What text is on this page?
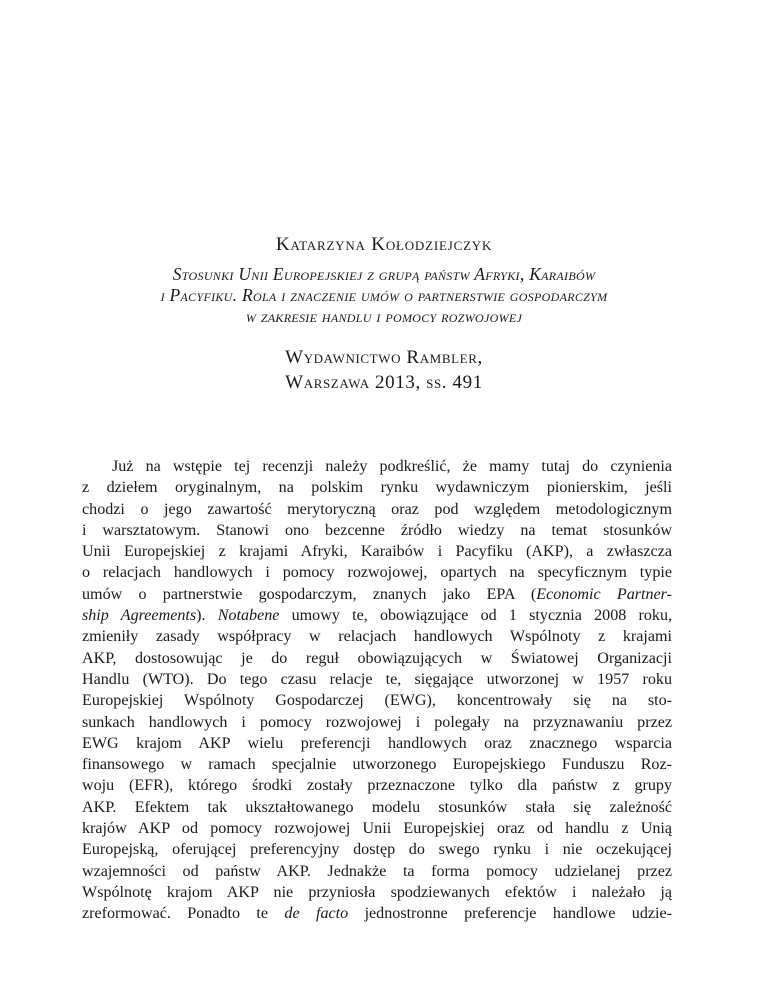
Katarzyna Kołodziejczyk
Stosunki Unii Europejskiej z grupą państw Afryki, Karaibów
i Pacyfiku. Rola i znaczenie umów o partnerstwie gospodarczym
w zakresie handlu i pomocy rozwojowej
Wydawnictwo Rambler,
Warszawa 2013, ss. 491
Już na wstępie tej recenzji należy podkreślić, że mamy tutaj do czynienia
z dziełem oryginalnym, na polskim rynku wydawniczym pionierskim, jeśli
chodzi o jego zawartość merytoryczną oraz pod względem metodologicznym
i warsztatowym. Stanowi ono bezcenne źródło wiedzy na temat stosunków
Unii Europejskiej z krajami Afryki, Karaibów i Pacyfiku (AKP), a zwłaszcza
o relacjach handlowych i pomocy rozwojowej, opartych na specyficznym typie
umów o partnerstwie gospodarczym, znanych jako EPA (Economic Partner-
ship Agreements). Notabene umowy te, obowiązujące od 1 stycznia 2008 roku,
zmieniły zasady współpracy w relacjach handlowych Wspólnoty z krajami
AKP, dostosowując je do reguł obowiązujących w Światowej Organizacji
Handlu (WTO). Do tego czasu relacje te, sięgające utworzonej w 1957 roku
Europejskiej Wspólnoty Gospodarczej (EWG), koncentrowały się na sto-
sunkach handlowych i pomocy rozwojowej i polegały na przyznawaniu przez
EWG krajom AKP wielu preferencji handlowych oraz znacznego wsparcia
finansowego w ramach specjalnie utworzonego Europejskiego Funduszu Roz-
woju (EFR), którego środki zostały przeznaczone tylko dla państw z grupy
AKP. Efektem tak ukształtowanego modelu stosunków stała się zależność
krajów AKP od pomocy rozwojowej Unii Europejskiej oraz od handlu z Unią
Europejską, oferującej preferencyjny dostęp do swego rynku i nie oczekującej
wzajemności od państw AKP. Jednakże ta forma pomocy udzielanej przez
Wspólnotę krajom AKP nie przyniosła spodziewanych efektów i należało ją
zreformować. Ponadto te de facto jednostronne preferencje handlowe udzie-
